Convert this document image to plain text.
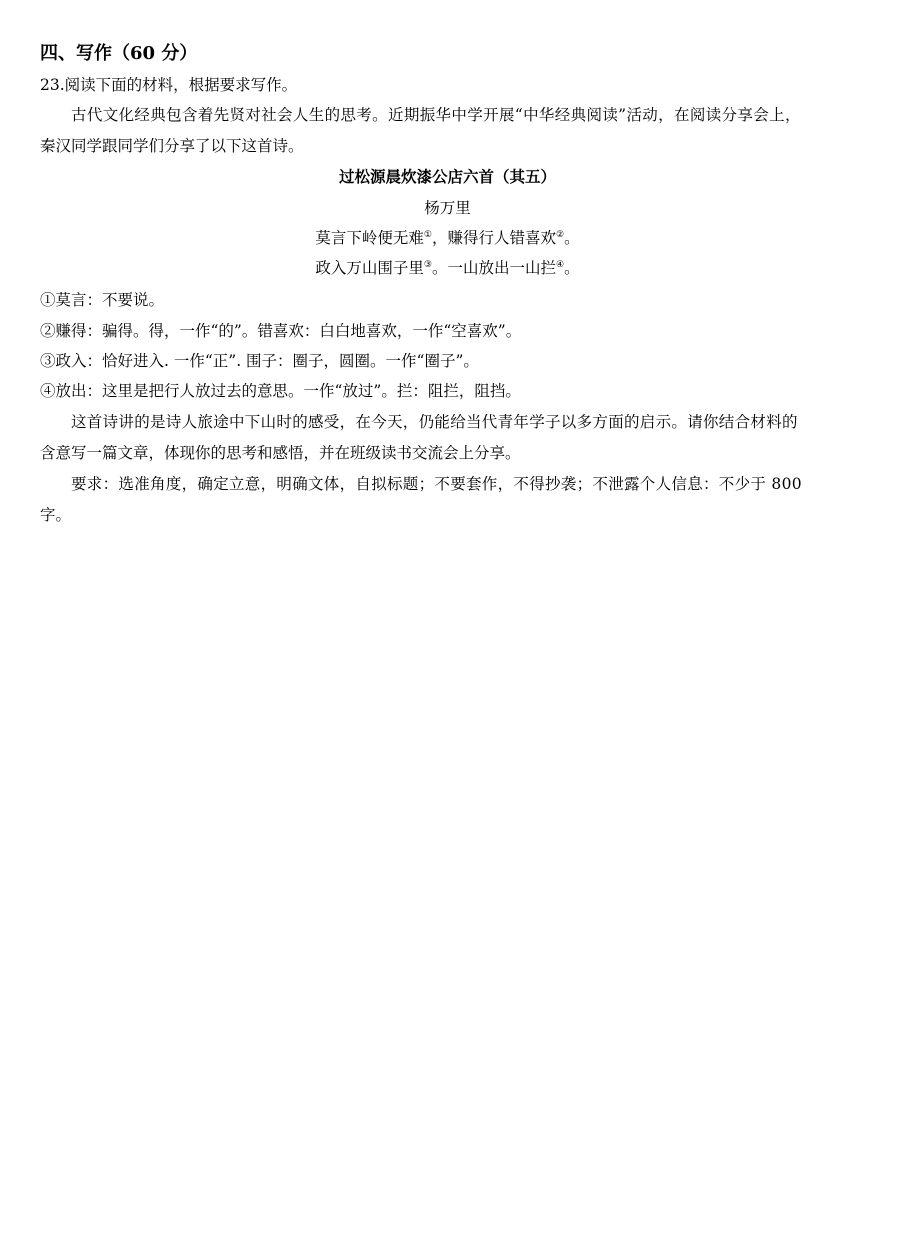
四、写作（60 分）
23.阅读下面的材料，根据要求写作。
古代文化经典包含着先贤对社会人生的思考。近期振华中学开展“中华经典阅读”活动，在阅读分享会上，
秦汉同学跟同学们分享了以下这首诗。
过松源晨炊漆公店六首（其五）
杨万里
莫言下岭便无难①，赚得行人错喜欢②。
政入万山围子里③。一山放出一山拦④。
①莫言：不要说。
②赚得：骗得。得，一作“的”。错喜欢：白白地喜欢，一作“空喜欢”。
③政入：恰好进入. 一作“正”. 围子：圈子，圆圈。一作“圈子”。
④放出：这里是把行人放过去的意思。一作“放过”。拦：阻拦，阻挡。
这首诗讲的是诗人旅途中下山时的感受，在今天，仍能给当代青年学子以多方面的启示。请你结合材料的
含意写一篇文章，体现你的思考和感悟，并在班级读书交流会上分享。
要求：选准角度，确定立意，明确文体，自拟标题；不要套作，不得抄袭；不泄露个人信息：不少于 800
字。
